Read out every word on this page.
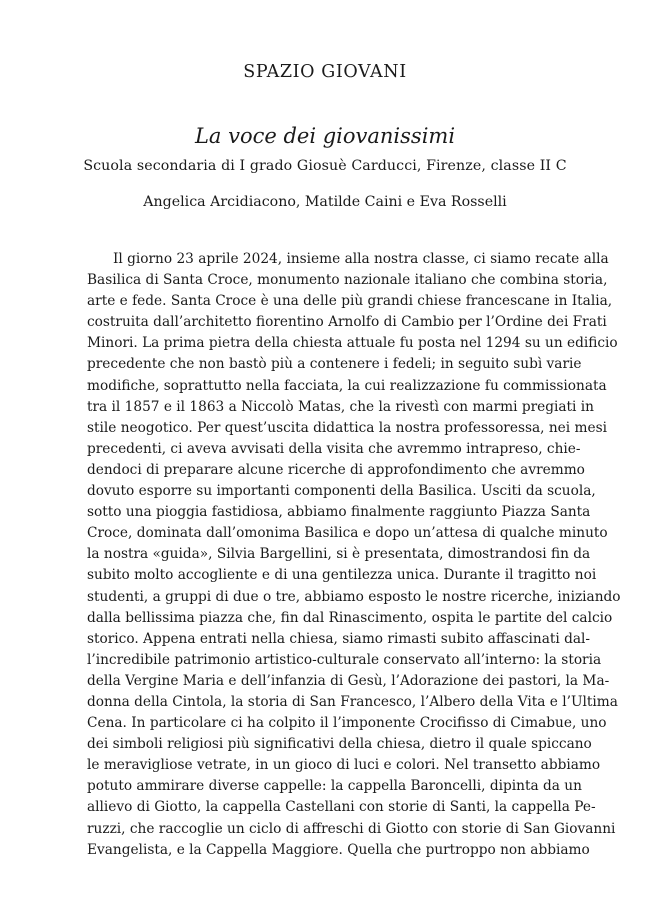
SPAZIO GIOVANI
La voce dei giovanissimi
Scuola secondaria di I grado Giosuè Carducci, Firenze, classe II C
Angelica Arcidiacono, Matilde Caini e Eva Rosselli
Il giorno 23 aprile 2024, insieme alla nostra classe, ci siamo recate alla
Basilica di Santa Croce, monumento nazionale italiano che combina storia,
arte e fede. Santa Croce è una delle più grandi chiese francescane in Italia,
costruita dall’architetto fiorentino Arnolfo di Cambio per l’Ordine dei Frati
Minori. La prima pietra della chiesta attuale fu posta nel 1294 su un edificio
precedente che non bastò più a contenere i fedeli; in seguito subì varie
modifiche, soprattutto nella facciata, la cui realizzazione fu commissionata
tra il 1857 e il 1863 a Niccolò Matas, che la rivestì con marmi pregiati in
stile neogotico. Per quest’uscita didattica la nostra professoressa, nei mesi
precedenti, ci aveva avvisati della visita che avremmo intrapreso, chie-
dendoci di preparare alcune ricerche di approfondimento che avremmo
dovuto esporre su importanti componenti della Basilica. Usciti da scuola,
sotto una pioggia fastidiosa, abbiamo finalmente raggiunto Piazza Santa
Croce, dominata dall’omonima Basilica e dopo un’attesa di qualche minuto
la nostra «guida», Silvia Bargellini, si è presentata, dimostrandosi fin da
subito molto accogliente e di una gentilezza unica. Durante il tragitto noi
studenti, a gruppi di due o tre, abbiamo esposto le nostre ricerche, iniziando
dalla bellissima piazza che, fin dal Rinascimento, ospita le partite del calcio
storico. Appena entrati nella chiesa, siamo rimasti subito affascinati dal-
l’incredibile patrimonio artistico-culturale conservato all’interno: la storia
della Vergine Maria e dell’infanzia di Gesù, l’Adorazione dei pastori, la Ma-
donna della Cintola, la storia di San Francesco, l’Albero della Vita e l’Ultima
Cena. In particolare ci ha colpito il l’imponente Crocifisso di Cimabue, uno
dei simboli religiosi più significativi della chiesa, dietro il quale spiccano
le meravigliose vetrate, in un gioco di luci e colori. Nel transetto abbiamo
potuto ammirare diverse cappelle: la cappella Baroncelli, dipinta da un
allievo di Giotto, la cappella Castellani con storie di Santi, la cappella Pe-
ruzzi, che raccoglie un ciclo di affreschi di Giotto con storie di San Giovanni
Evangelista, e la Cappella Maggiore. Quella che purtroppo non abbiamo
